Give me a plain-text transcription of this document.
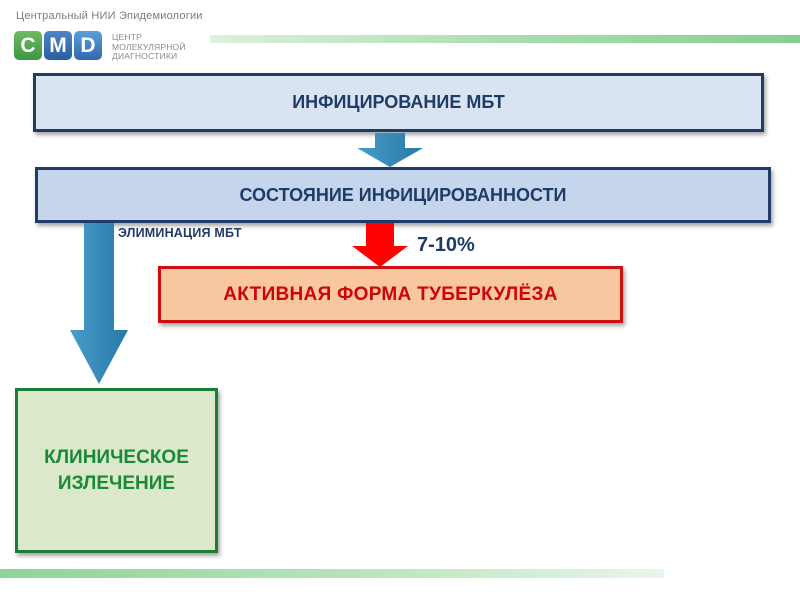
Центральный НИИ Эпидемиологии
C M D	ЦЕНТР
МОЛЕКУЛЯРНОЙ
ДИАГНОСТИКИ
ИНФИЦИРОВАНИЕ МБТ
СОСТОЯНИЕ ИНФИЦИРОВАННОСТИ
ЭЛИМИНАЦИЯ МБТ
7-10%
АКТИВНАЯ ФОРМА ТУБЕРКУЛЁЗА
КЛИНИЧЕСКОЕ
ИЗЛЕЧЕНИЕ
